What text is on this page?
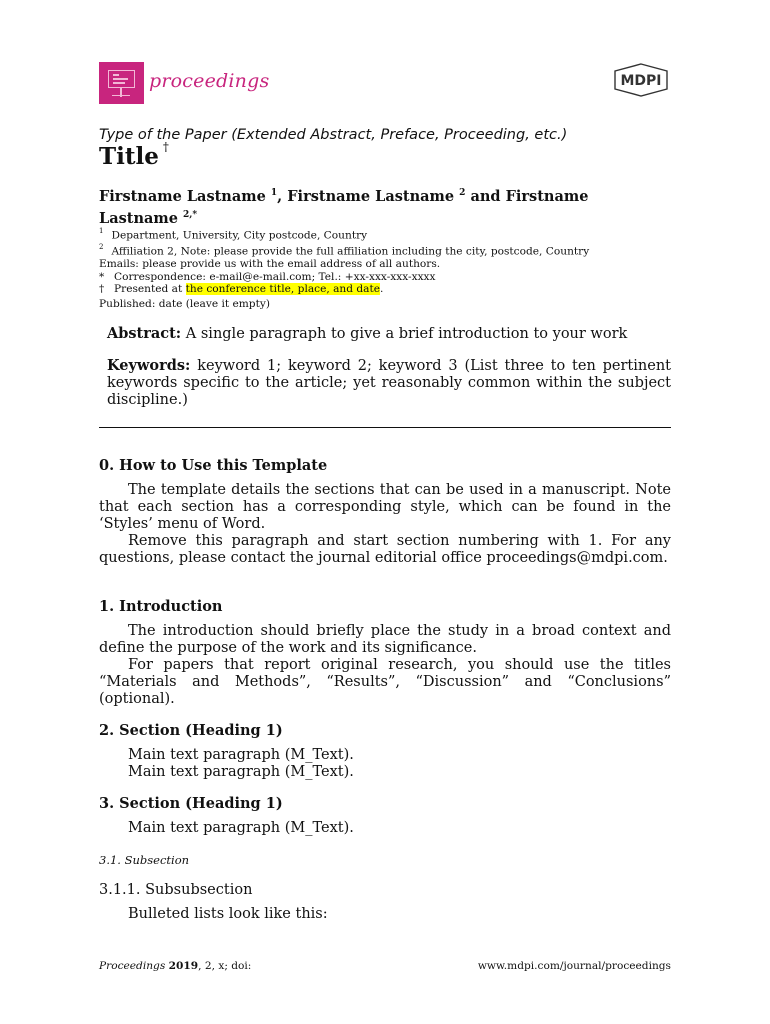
proceedings	MDPI
Type of the Paper (Extended Abstract, Preface, Proceeding, etc.)
Title †
Firstname Lastname $^1$, Firstname Lastname $^2$ and Firstname Lastname $^{2,*}$
$^1$ Department, University, City postcode, Country
$^2$ Affiliation 2, Note: please provide the full affiliation including the city, postcode, Country
Emails: please provide us with the email address of all authors.
* Correspondence: e-mail@e-mail.com; Tel.: +xx-xxx-xxx-xxxx
† Presented at the conference title, place, and date.
Published: date (leave it empty)
Abstract: A single paragraph to give a brief introduction to your work
Keywords: keyword 1; keyword 2; keyword 3 (List three to ten pertinent keywords specific to the article; yet reasonably common within the subject discipline.)
0. How to Use this Template
The template details the sections that can be used in a manuscript. Note that each section has a corresponding style, which can be found in the ‘Styles’ menu of Word.
Remove this paragraph and start section numbering with 1. For any questions, please contact the journal editorial office proceedings@mdpi.com.
1. Introduction
The introduction should briefly place the study in a broad context and define the purpose of the work and its significance.
For papers that report original research, you should use the titles “Materials and Methods”, “Results”, “Discussion” and “Conclusions” (optional).
2. Section (Heading 1)
Main text paragraph (M_Text).
Main text paragraph (M_Text).
3. Section (Heading 1)
Main text paragraph (M_Text).
3.1. Subsection
3.1.1. Subsubsection
Bulleted lists look like this:
Proceedings 2019, 2, x; doi:	www.mdpi.com/journal/proceedings
